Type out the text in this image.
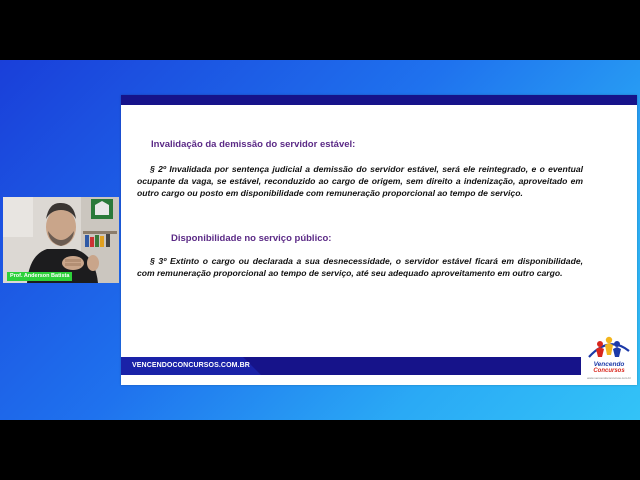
Invalidação da demissão do servidor estável:

§ 2º Invalidada por sentença judicial a demissão do servidor estável, será ele reintegrado, e o eventual ocupante da vaga, se estável, reconduzido ao cargo de origem, sem direito a indenização, aproveitado em outro cargo ou posto em disponibilidade com remuneração proporcional ao tempo de serviço.

Disponibilidade no serviço público:

§ 3º Extinto o cargo ou declarada a sua desnecessidade, o servidor estável ficará em disponibilidade, com remuneração proporcional ao tempo de serviço, até seu adequado aproveitamento em outro cargo.

VENCENDOCONCURSOS.COM.BR	Vencendo
Concursos
www.vencendoconcursos.com.br
Prof. Anderson Batista
